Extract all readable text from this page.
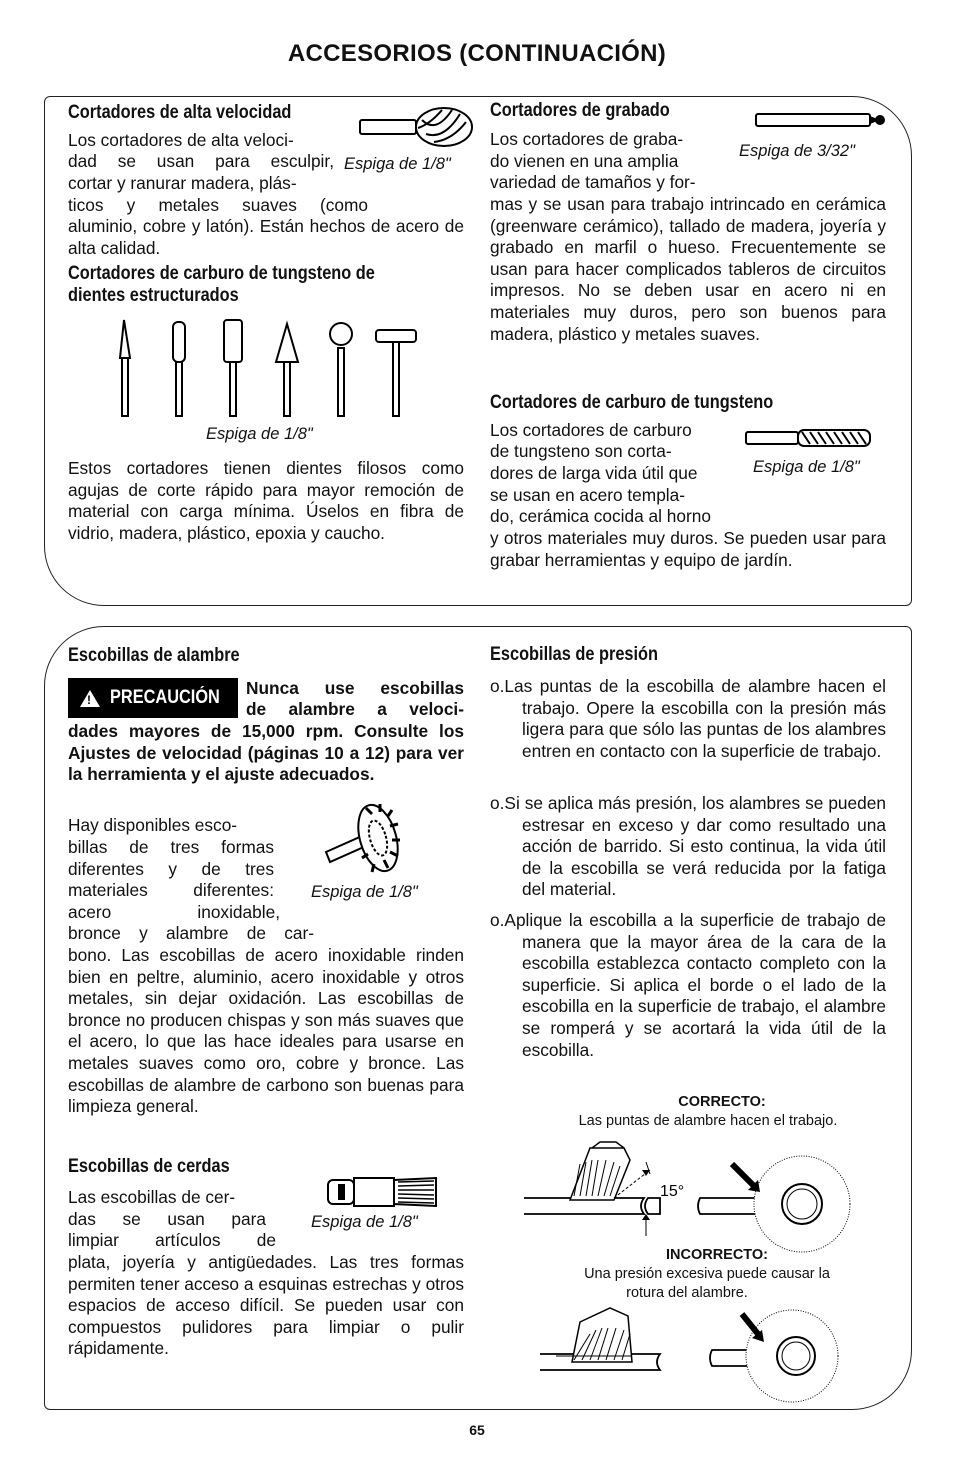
ACCESORIOS (CONTINUACIÓN)
Cortadores de alta velocidad
Espiga de 1/8"
Los cortadores de alta veloci-
dad se usan para esculpir,
cortar y ranurar madera, plás-
ticos y metales suaves (como
aluminio, cobre y latón). Están hechos de acero de alta calidad.
Cortadores de carburo de tungsteno de
dientes estructurados
Espiga de 1/8"
Estos cortadores tienen dientes filosos como agujas de corte rápido para mayor remoción de material con carga mínima. Úselos en fibra de vidrio, madera, plástico, epoxia y caucho.
Cortadores de grabado
Espiga de 3/32"
Los cortadores de graba-
do vienen en una amplia
variedad de tamaños y for-
mas y se usan para trabajo intrincado en cerámica (greenware cerámico), tallado de madera, joyería y grabado en marfil o hueso. Frecuentemente se usan para hacer complicados tableros de circuitos impresos. No se deben usar en acero ni en materiales muy duros, pero son buenos para madera, plástico y metales suaves.
Cortadores de carburo de tungsteno
Espiga de 1/8"
Los cortadores de carburo
de tungsteno son corta-
dores de larga vida útil que
se usan en acero templa-
do, cerámica cocida al horno
y otros materiales muy duros. Se pueden usar para grabar herramientas y equipo de jardín.
Escobillas de alambre
!
PRECAUCIÓN Nunca use escobillas
de alambre a veloci-
dades mayores de 15,000 rpm. Consulte los Ajustes de velocidad (páginas 10 a 12) para ver la herramienta y el ajuste adecuados.
Espiga de 1/8"
Hay disponibles esco-
billas de tres formas
diferentes y de tres
materiales diferentes:
acero inoxidable,
bronce y alambre de car-
bono. Las escobillas de acero inoxidable rinden bien en peltre, aluminio, acero inoxidable y otros metales, sin dejar oxidación. Las escobillas de bronce no producen chispas y son más suaves que el acero, lo que las hace ideales para usarse en metales suaves como oro, cobre y bronce. Las escobillas de alambre de carbono son buenas para limpieza general.
Escobillas de cerdas
Espiga de 1/8"
Las escobillas de cer-
das se usan para
limpiar artículos de
plata, joyería y antigüedades. Las tres formas permiten tener acceso a esquinas estrechas y otros espacios de acceso difícil. Se pueden usar con compuestos pulidores para limpiar o pulir rápidamente.
Escobillas de presión
o.Las puntas de la escobilla de alambre hacen el trabajo. Opere la escobilla con la presión más ligera para que sólo las puntas de los alambres entren en contacto con la superficie de trabajo.
o.Si se aplica más presión, los alambres se pueden estresar en exceso y dar como resultado una acción de barrido. Si esto continua, la vida útil de la escobilla se verá reducida por la fatiga del material.
o.Aplique la escobilla a la superficie de trabajo de manera que la mayor área de la cara de la escobilla establezca contacto completo con la superficie. Si aplica el borde o el lado de la escobilla en la superficie de trabajo, el alambre se romperá y se acortará la vida útil de la escobilla.
CORRECTO:
Las puntas de alambre hacen el trabajo.
15°
INCORRECTO:
Una presión excesiva puede causar la
rotura del alambre.
65
